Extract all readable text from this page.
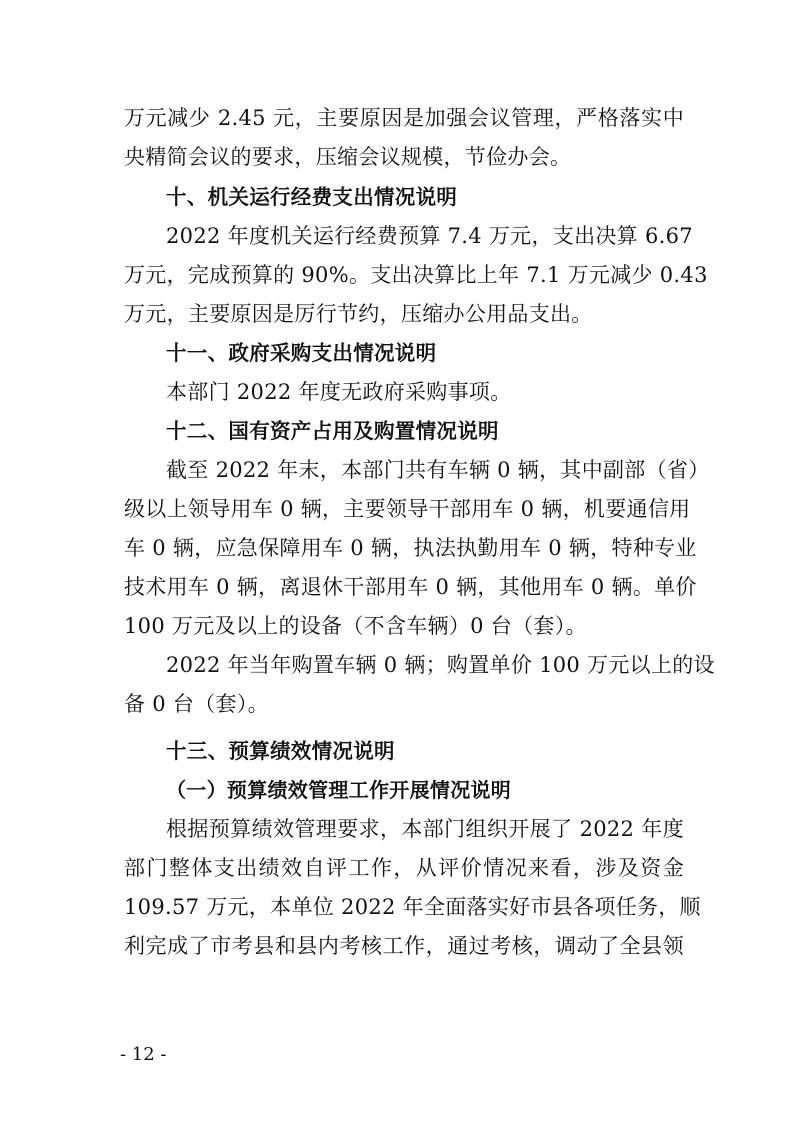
万元减少 2.45 元，主要原因是加强会议管理，严格落实中
央精简会议的要求，压缩会议规模，节俭办会。
十、机关运行经费支出情况说明
2022 年度机关运行经费预算 7.4 万元，支出决算 6.67
万元，完成预算的 90%。支出决算比上年 7.1 万元减少 0.43
万元，主要原因是厉行节约，压缩办公用品支出。
十一、政府采购支出情况说明
本部门 2022 年度无政府采购事项。
十二、国有资产占用及购置情况说明
截至 2022 年末，本部门共有车辆 0 辆，其中副部（省）
级以上领导用车 0 辆，主要领导干部用车 0 辆，机要通信用
车 0 辆，应急保障用车 0 辆，执法执勤用车 0 辆，特种专业
技术用车 0 辆，离退休干部用车 0 辆，其他用车 0 辆。单价
100 万元及以上的设备（不含车辆）0 台（套）。
2022 年当年购置车辆 0 辆；购置单价 100 万元以上的设
备 0 台（套）。
十三、预算绩效情况说明
（一）预算绩效管理工作开展情况说明
根据预算绩效管理要求，本部门组织开展了 2022 年度
部门整体支出绩效自评工作，从评价情况来看，涉及资金
109.57 万元，本单位 2022 年全面落实好市县各项任务，顺
利完成了市考县和县内考核工作，通过考核，调动了全县领
- 12 -
